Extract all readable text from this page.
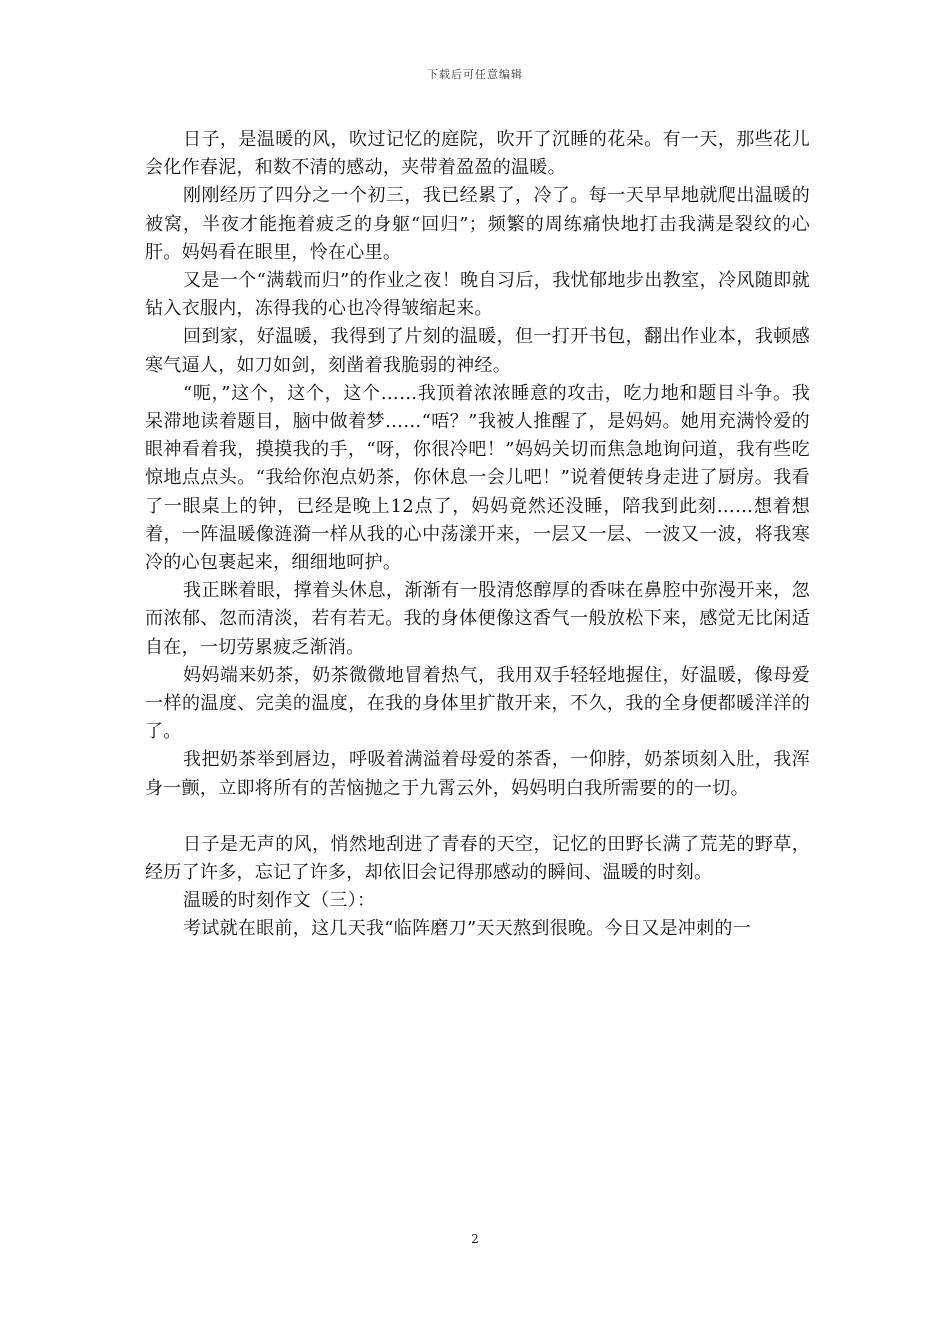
下载后可任意编辑

日子，是温暖的风，吹过记忆的庭院，吹开了沉睡的花朵。有一天，那些花儿会化作春泥，和数不清的感动，夹带着盈盈的温暖。

刚刚经历了四分之一个初三，我已经累了，冷了。每一天早早地就爬出温暖的被窝，半夜才能拖着疲乏的身躯“回归”；频繁的周练痛快地打击我满是裂纹的心肝。妈妈看在眼里，怜在心里。

又是一个“满载而归”的作业之夜！晚自习后，我忧郁地步出教室，冷风随即就钻入衣服内，冻得我的心也冷得皱缩起来。

回到家，好温暖，我得到了片刻的温暖，但一打开书包，翻出作业本，我顿感寒气逼人，如刀如剑，刻凿着我脆弱的神经。

“呃，”这个，这个，这个……我顶着浓浓睡意的攻击，吃力地和题目斗争。我呆滞地读着题目，脑中做着梦……“唔？”我被人推醒了，是妈妈。她用充满怜爱的眼神看着我，摸摸我的手，“呀，你很冷吧！”妈妈关切而焦急地询问道，我有些吃惊地点点头。“我给你泡点奶茶，你休息一会儿吧！”说着便转身走进了厨房。我看了一眼桌上的钟，已经是晚上12点了，妈妈竟然还没睡，陪我到此刻……想着想着，一阵温暖像涟漪一样从我的心中荡漾开来，一层又一层、一波又一波，将我寒冷的心包裹起来，细细地呵护。

我正眯着眼，撑着头休息，渐渐有一股清悠醇厚的香味在鼻腔中弥漫开来，忽而浓郁、忽而清淡，若有若无。我的身体便像这香气一般放松下来，感觉无比闲适自在，一切劳累疲乏渐消。

妈妈端来奶茶，奶茶微微地冒着热气，我用双手轻轻地握住，好温暖，像母爱一样的温度、完美的温度，在我的身体里扩散开来，不久，我的全身便都暖洋洋的了。

我把奶茶举到唇边，呼吸着满溢着母爱的茶香，一仰脖，奶茶顷刻入肚，我浑身一颤，立即将所有的苦恼抛之于九霄云外，妈妈明白我所需要的的一切。

日子是无声的风，悄然地刮进了青春的天空，记忆的田野长满了荒芜的野草，经历了许多，忘记了许多，却依旧会记得那感动的瞬间、温暖的时刻。

温暖的时刻作文（三）：

考试就在眼前，这几天我“临阵磨刀”天天熬到很晚。今日又是冲刺的一

2
